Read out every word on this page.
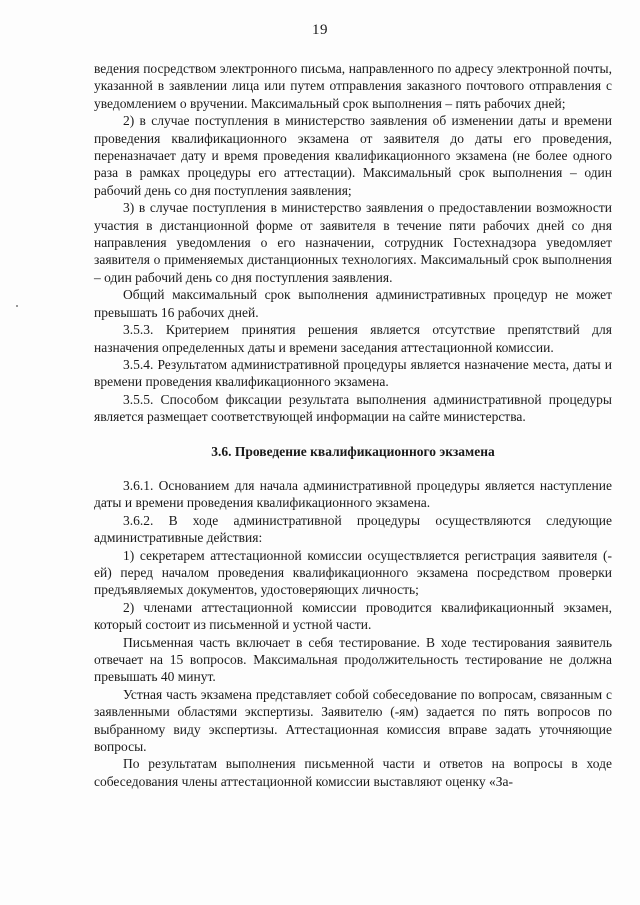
19

ведения посредством электронного письма, направленного по адресу электронной почты, указанной в заявлении лица или путем отправления заказного почтового отправления с уведомлением о вручении. Максимальный срок выполнения – пять рабочих дней;

2) в случае поступления в министерство заявления об изменении даты и времени проведения квалификационного экзамена от заявителя до даты его проведения, переназначает дату и время проведения квалификационного экзамена (не более одного раза в рамках процедуры его аттестации). Максимальный срок выполнения – один рабочий день со дня поступления заявления;

3) в случае поступления в министерство заявления о предоставлении возможности участия в дистанционной форме от заявителя в течение пяти рабочих дней со дня направления уведомления о его назначении, сотрудник Гостехнадзора уведомляет заявителя о применяемых дистанционных технологиях. Максимальный срок выполнения – один рабочий день со дня поступления заявления.

Общий максимальный срок выполнения административных процедур не может превышать 16 рабочих дней.

3.5.3. Критерием принятия решения является отсутствие препятствий для назначения определенных даты и времени заседания аттестационной комиссии.

3.5.4. Результатом административной процедуры является назначение места, даты и времени проведения квалификационного экзамена.

3.5.5. Способом фиксации результата выполнения административной процедуры является размещает соответствующей информации на сайте министерства.

3.6. Проведение квалификационного экзамена

3.6.1. Основанием для начала административной процедуры является наступление даты и времени проведения квалификационного экзамена.

3.6.2. В ходе административной процедуры осуществляются следующие административные действия:

1) секретарем аттестационной комиссии осуществляется регистрация заявителя (-ей) перед началом проведения квалификационного экзамена посредством проверки предъявляемых документов, удостоверяющих личность;

2) членами аттестационной комиссии проводится квалификационный экзамен, который состоит из письменной и устной части.

Письменная часть включает в себя тестирование. В ходе тестирования заявитель отвечает на 15 вопросов. Максимальная продолжительность тестирование не должна превышать 40 минут.

Устная часть экзамена представляет собой собеседование по вопросам, связанным с заявленными областями экспертизы. Заявителю (-ям) задается по пять вопросов по выбранному виду экспертизы. Аттестационная комиссия вправе задать уточняющие вопросы.

По результатам выполнения письменной части и ответов на вопросы в ходе собеседования члены аттестационной комиссии выставляют оценку «За-
